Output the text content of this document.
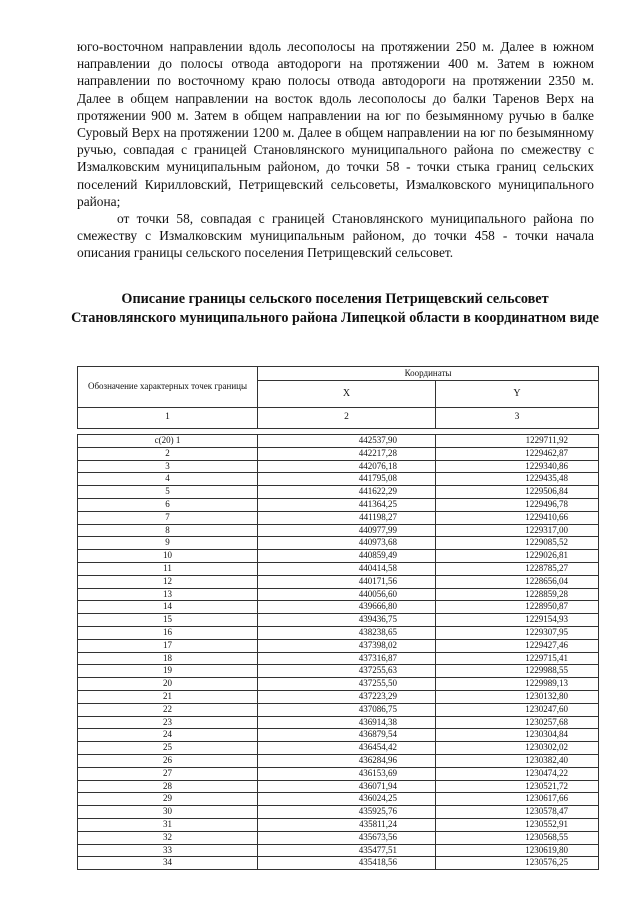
юго-восточном направлении вдоль лесополосы на протяжении 250 м. Далее в южном направлении до полосы отвода автодороги на протяжении 400 м. Затем в южном направлении по восточному краю полосы отвода автодороги на протяжении 2350 м. Далее в общем направлении на восток вдоль лесополосы до балки Таренов Верх на протяжении 900 м. Затем в общем направлении на юг по безымянному ручью в балке Суровый Верх на протяжении 1200 м. Далее в общем направлении на юг по безымянному ручью, совпадая с границей Становлянского муниципального района по смежеству с Измалковским муниципальным районом, до точки 58 - точки стыка границ сельских поселений Кирилловский, Петрищевский сельсоветы, Измалковского муниципального района;

от точки 58, совпадая с границей Становлянского муниципального района по смежеству с Измалковским муниципальным районом, до точки 458 - точки начала описания границы сельского поселения Петрищевский сельсовет.

Описание границы сельского поселения Петрищевский сельсовет Становлянского муниципального района Липецкой области в координатном виде
Обозначение характерных точек границы	Координаты	
	X	Y
1	2	3

c(20) 1	442537,90	1229711,92
2	442217,28	1229462,87
3	442076,18	1229340,86
4	441795,08	1229435,48
5	441622,29	1229506,84
6	441364,25	1229496,78
7	441198,27	1229410,66
8	440977,99	1229317,00
9	440973,68	1229085,52
10	440859,49	1229026,81
11	440414,58	1228785,27
12	440171,56	1228656,04
13	440056,60	1228859,28
14	439666,80	1228950,87
15	439436,75	1229154,93
16	438238,65	1229307,95
17	437398,02	1229427,46
18	437316,87	1229715,41
19	437255,63	1229988,55
20	437255,50	1229989,13
21	437223,29	1230132,80
22	437086,75	1230247,60
23	436914,38	1230257,68
24	436879,54	1230304,84
25	436454,42	1230302,02
26	436284,96	1230382,40
27	436153,69	1230474,22
28	436071,94	1230521,72
29	436024,25	1230617,66
30	435925,76	1230578,47
31	435811,24	1230552,91
32	435673,56	1230568,55
33	435477,51	1230619,80
34	435418,56	1230576,25
